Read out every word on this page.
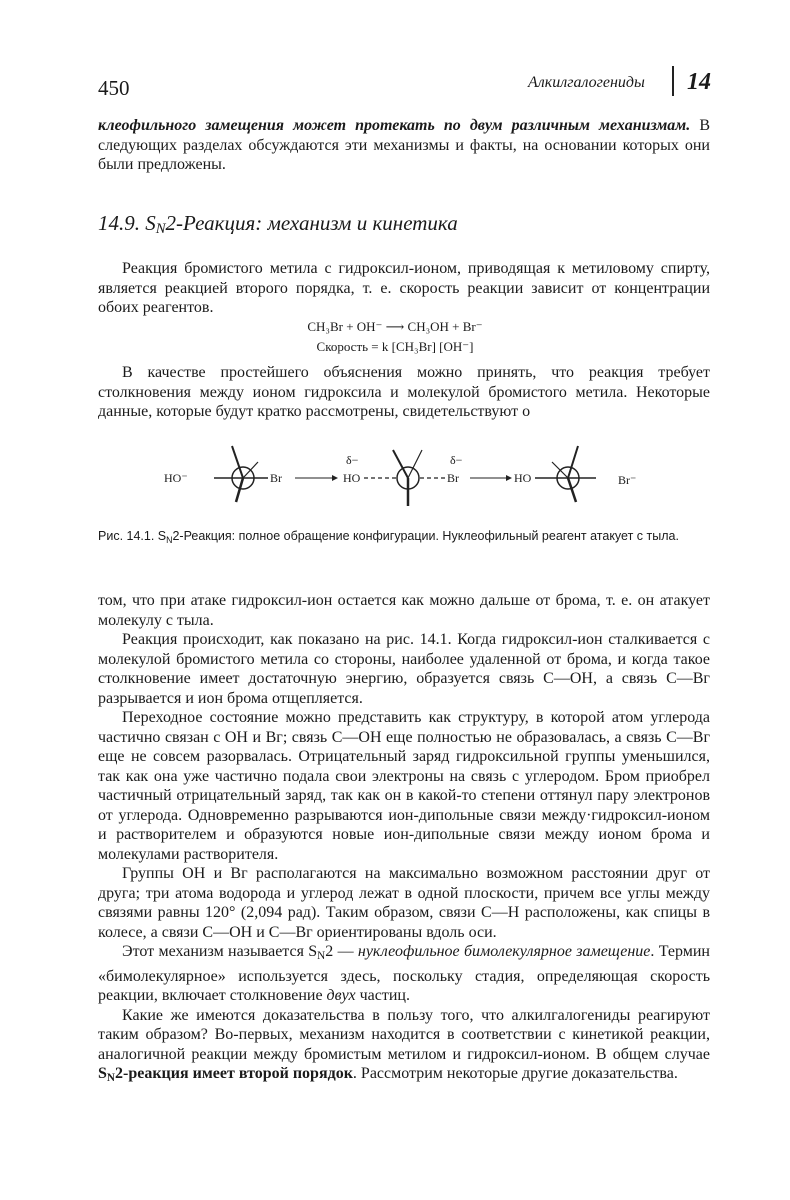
450	Алкилгалогениды 14

клеофильного замещения может протекать по двум различным механизмам. В следующих разделах обсуждаются эти механизмы и факты, на основании которых они были предложены.

14.9. $S_N2$-Реакция: механизм и кинетика

Реакция бромистого метила с гидроксил-ионом, приводящая к метиловому спирту, является реакцией второго порядка, т. е. скорость реакции зависит от концентрации обоих реагентов.

CH₃Br + OH⁻ ⟶ CH₃OH + Br⁻
Скорость = k [CH₃Br] [OH⁻]

В качестве простейшего объяснения можно принять, что реакция требует столкновения между ионом гидроксила и молекулой бромистого метила. Некоторые данные, которые будут кратко рассмотрены, свидетельствуют о

HO⁻	Br
δ−
HO
δ−
Br	HO	Br⁻
Рис. 14.1. $S_N2$-Реакция: полное обращение конфигурации. Нуклеофильный реагент атакует с тыла.

том, что при атаке гидроксил-ион остается как можно дальше от брома, т. е. он атакует молекулу с тыла.

Реакция происходит, как показано на рис. 14.1. Когда гидроксил-ион сталкивается с молекулой бромистого метила со стороны, наиболее удаленной от брома, и когда такое столкновение имеет достаточную энергию, образуется связь С—ОН, а связь С—Вг разрывается и ион брома отщепляется.

Переходное состояние можно представить как структуру, в которой атом углерода частично связан с ОН и Вг; связь С—ОН еще полностью не образовалась, а связь С—Вг еще не совсем разорвалась. Отрицательный заряд гидроксильной группы уменьшился, так как она уже частично подала свои электроны на связь с углеродом. Бром приобрел частичный отрицательный заряд, так как он в какой-то степени оттянул пару электронов от углерода. Одновременно разрываются ион-дипольные связи между·гидроксил-ионом и растворителем и образуются новые ион-дипольные связи между ионом брома и молекулами растворителя.

Группы ОН и Вг располагаются на максимально возможном расстоянии друг от друга; три атома водорода и углерод лежат в одной плоскости, причем все углы между связями равны 120° (2,094 рад). Таким образом, связи С—Н расположены, как спицы в колесе, а связи С—ОН и С—Вг ориентированы вдоль оси.

Этот механизм называется $S_N2$ — нуклеофильное бимолекулярное замещение. Термин «бимолекулярное» используется здесь, поскольку стадия, определяющая скорость реакции, включает столкновение двух частиц.

Какие же имеются доказательства в пользу того, что алкилгалогениды реагируют таким образом? Во-первых, механизм находится в соответствии с кинетикой реакции, аналогичной реакции между бромистым метилом и гидроксил-ионом. В общем случае $S_N2$-реакция имеет второй порядок. Рассмотрим некоторые другие доказательства.
